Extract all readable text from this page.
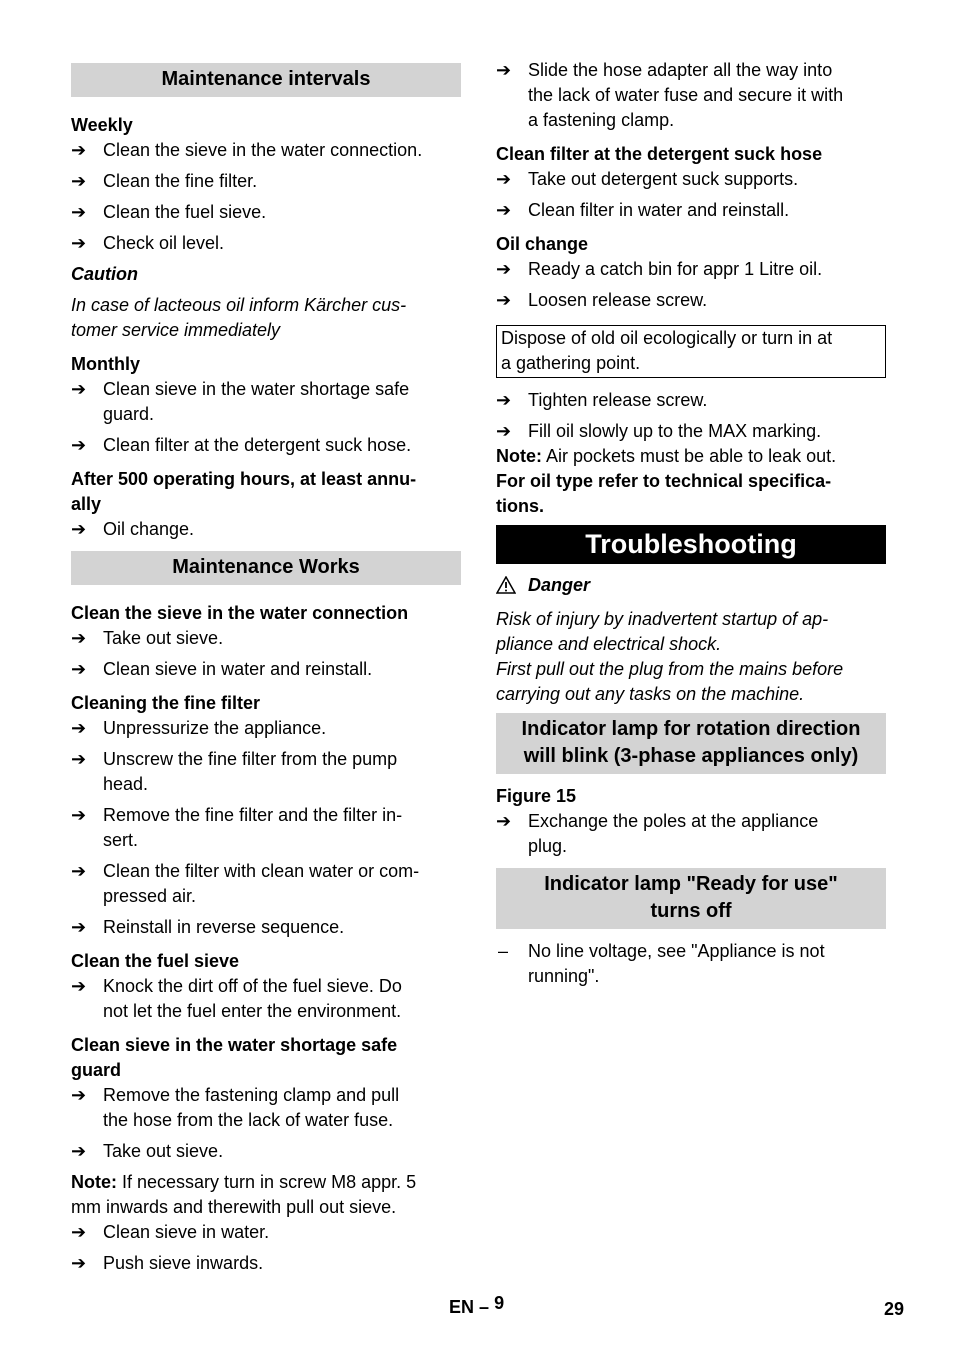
Maintenance intervals
Weekly
➔ Clean the sieve in the water connection.
➔ Clean the fine filter.
➔ Clean the fuel sieve.
➔ Check oil level.
Caution
In case of lacteous oil inform Kärcher cus-
tomer service immediately
Monthly
➔ Clean sieve in the water shortage safe
guard.
➔ Clean filter at the detergent suck hose.
After 500 operating hours, at least annu-
ally
➔ Oil change.
Maintenance Works
Clean the sieve in the water connection
➔ Take out sieve.
➔ Clean sieve in water and reinstall.
Cleaning the fine filter
➔ Unpressurize the appliance.
➔ Unscrew the fine filter from the pump
head.
➔ Remove the fine filter and the filter in-
sert.
➔ Clean the filter with clean water or com-
pressed air.
➔ Reinstall in reverse sequence.
Clean the fuel sieve
➔ Knock the dirt off of the fuel sieve. Do
not let the fuel enter the environment.
Clean sieve in the water shortage safe
guard
➔ Remove the fastening clamp and pull
the hose from the lack of water fuse.
➔ Take out sieve.
Note: If necessary turn in screw M8 appr. 5
mm inwards and therewith pull out sieve.
➔ Clean sieve in water.
➔ Push sieve inwards.
➔ Slide the hose adapter all the way into
the lack of water fuse and secure it with
a fastening clamp.
Clean filter at the detergent suck hose
➔ Take out detergent suck supports.
➔ Clean filter in water and reinstall.
Oil change
➔ Ready a catch bin for appr 1 Litre oil.
➔ Loosen release screw.
Dispose of old oil ecologically or turn in at
a gathering point.
➔ Tighten release screw.
➔ Fill oil slowly up to the MAX marking.
Note: Air pockets must be able to leak out.
For oil type refer to technical specifica-
tions.
Troubleshooting
Danger
Risk of injury by inadvertent startup of ap-
pliance and electrical shock.
First pull out the plug from the mains before
carrying out any tasks on the machine.
Indicator lamp for rotation direction
will blink (3-phase appliances only)
Figure 15
➔ Exchange the poles at the appliance
plug.
Indicator lamp "Ready for use"
turns off
–	No line voltage, see "Appliance is not
running".
EN – 9	29
